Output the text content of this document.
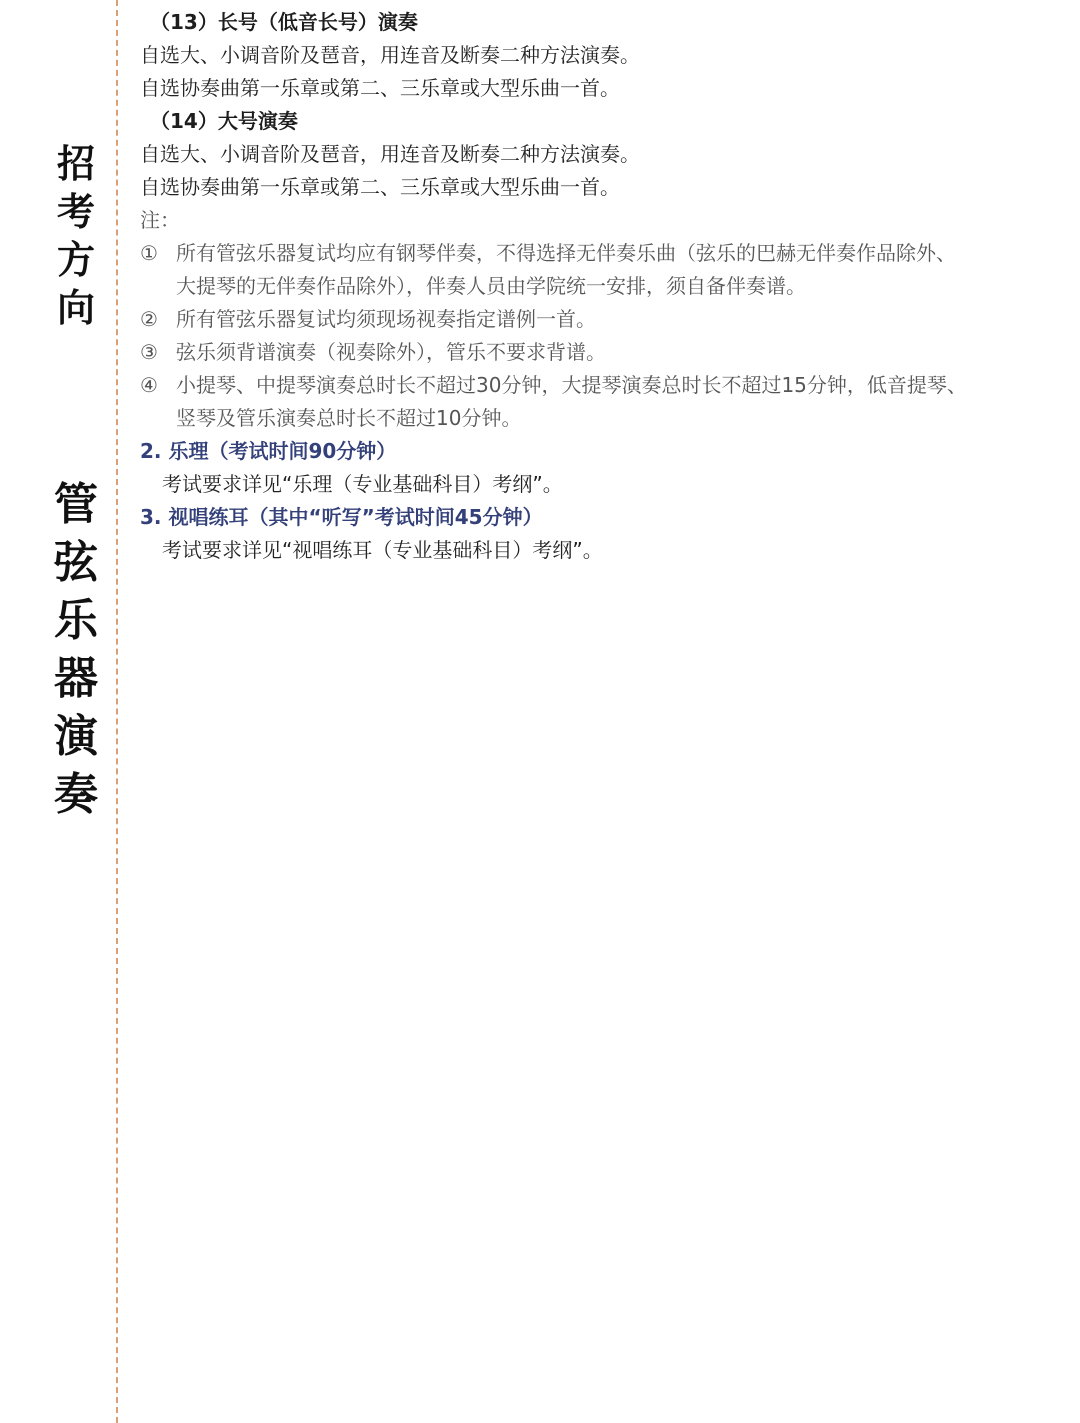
招
考
方
向
管
弦
乐
器
演
奏
（13）长号（低音长号）演奏
自选大、小调音阶及琶音，用连音及断奏二种方法演奏。
自选协奏曲第一乐章或第二、三乐章或大型乐曲一首。
（14）大号演奏
自选大、小调音阶及琶音，用连音及断奏二种方法演奏。
自选协奏曲第一乐章或第二、三乐章或大型乐曲一首。
注：
① 所有管弦乐器复试均应有钢琴伴奏，不得选择无伴奏乐曲（弦乐的巴赫无伴奏作品除外、
大提琴的无伴奏作品除外），伴奏人员由学院统一安排，须自备伴奏谱。
② 所有管弦乐器复试均须现场视奏指定谱例一首。
③ 弦乐须背谱演奏（视奏除外），管乐不要求背谱。
④ 小提琴、中提琴演奏总时长不超过30分钟，大提琴演奏总时长不超过15分钟，低音提琴、
竖琴及管乐演奏总时长不超过10分钟。
2. 乐理（考试时间90分钟）
考试要求详见“乐理（专业基础科目）考纲”。
3. 视唱练耳（其中“听写”考试时间45分钟）
考试要求详见“视唱练耳（专业基础科目）考纲”。
